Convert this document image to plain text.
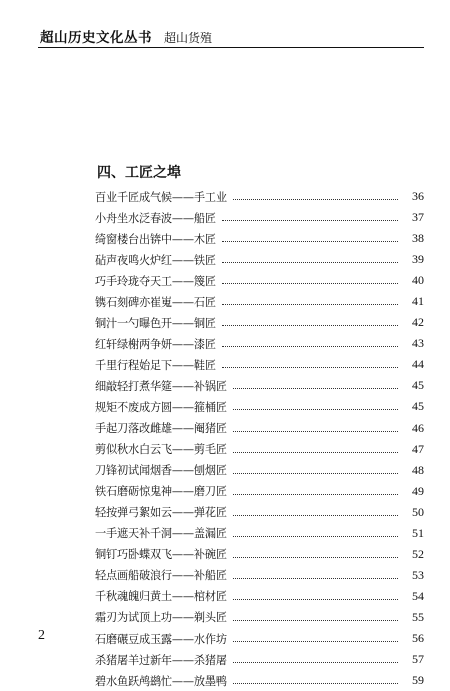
超山历史文化丛书 超山货殖
四、工匠之埠
百业千匠成气候——手工业	36
小舟坐水泛春波——船匠	37
绮窗楼台出锛中——木匠	38
砧声夜鸣火炉红——铁匠	39
巧手玲珑夺天工——篾匠	40
镌石刻碑亦崔嵬——石匠	41
铜汁一勺曝色开——铜匠	42
红轩绿榭两争妍——漆匠	43
千里行程始足下——鞋匠	44
细敲轻打煮华筵——补锅匠	45
规矩不废成方圆——箍桶匠	45
手起刀落改雌雄——阉猪匠	46
剪似秋水白云飞——剪毛匠	47
刀锋初试闻烟香——刨烟匠	48
铁石磨砺惊鬼神——磨刀匠	49
轻按弹弓絮如云——弹花匠	50
一手遮天补千洞——盖漏匠	51
铜钉巧卧蝶双飞——补碗匠	52
轻点画船破浪行——补船匠	53
千秋魂魄归黄土——棺材匠	54
霜刃为试顶上功——剃头匠	55
石磨碾豆成玉露——水作坊	56
杀猪屠羊过新年——杀猪屠	57
碧水鱼跃鸬鹚忙——放墨鸭	59
2
